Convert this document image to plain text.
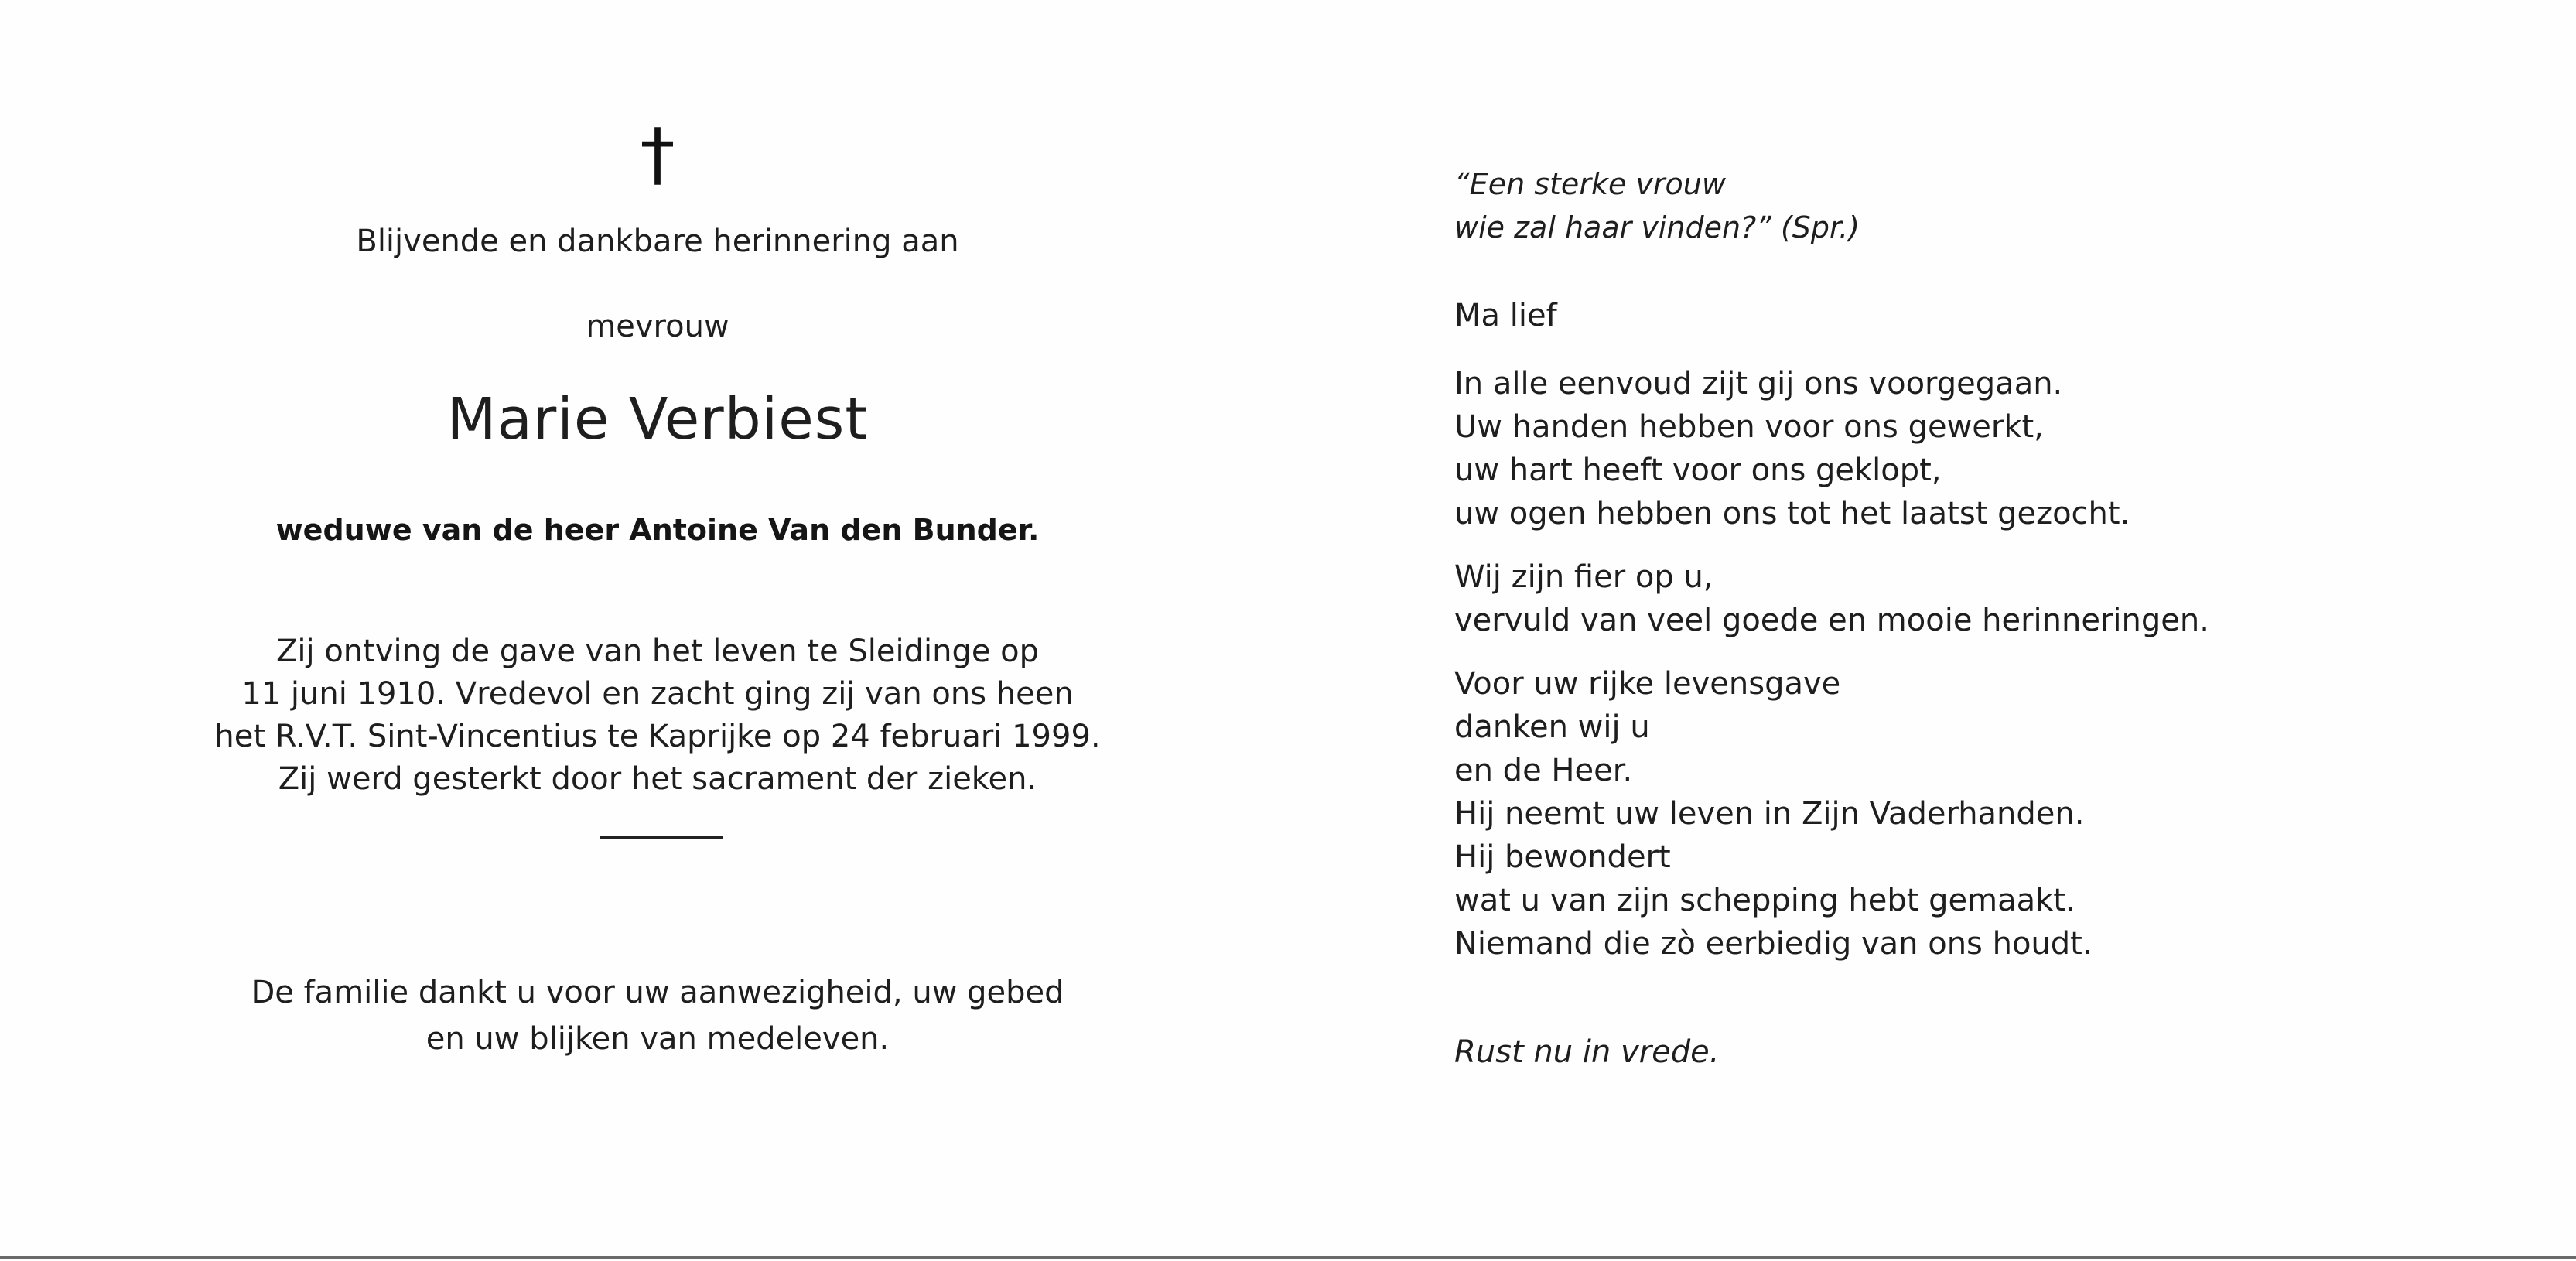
†
Blijvende en dankbare herinnering aan
mevrouw
Marie Verbiest
weduwe van de heer Antoine Van den Bunder.
Zij ontving de gave van het leven te Sleidinge op
11 juni 1910. Vredevol en zacht ging zij van ons heen
het R.V.T. Sint-Vincentius te Kaprijke op 24 februari 1999.
Zij werd gesterkt door het sacrament der zieken.
De familie dankt u voor uw aanwezigheid, uw gebed
en uw blijken van medeleven.
“Een sterke vrouw
wie zal haar vinden?” (Spr.)
Ma lief
In alle eenvoud zijt gij ons voorgegaan.
Uw handen hebben voor ons gewerkt,
uw hart heeft voor ons geklopt,
uw ogen hebben ons tot het laatst gezocht.
Wij zijn fier op u,
vervuld van veel goede en mooie herinneringen.
Voor uw rijke levensgave
danken wij u
en de Heer.
Hij neemt uw leven in Zijn Vaderhanden.
Hij bewondert
wat u van zijn schepping hebt gemaakt.
Niemand die zò eerbiedig van ons houdt.
Rust nu in vrede.
